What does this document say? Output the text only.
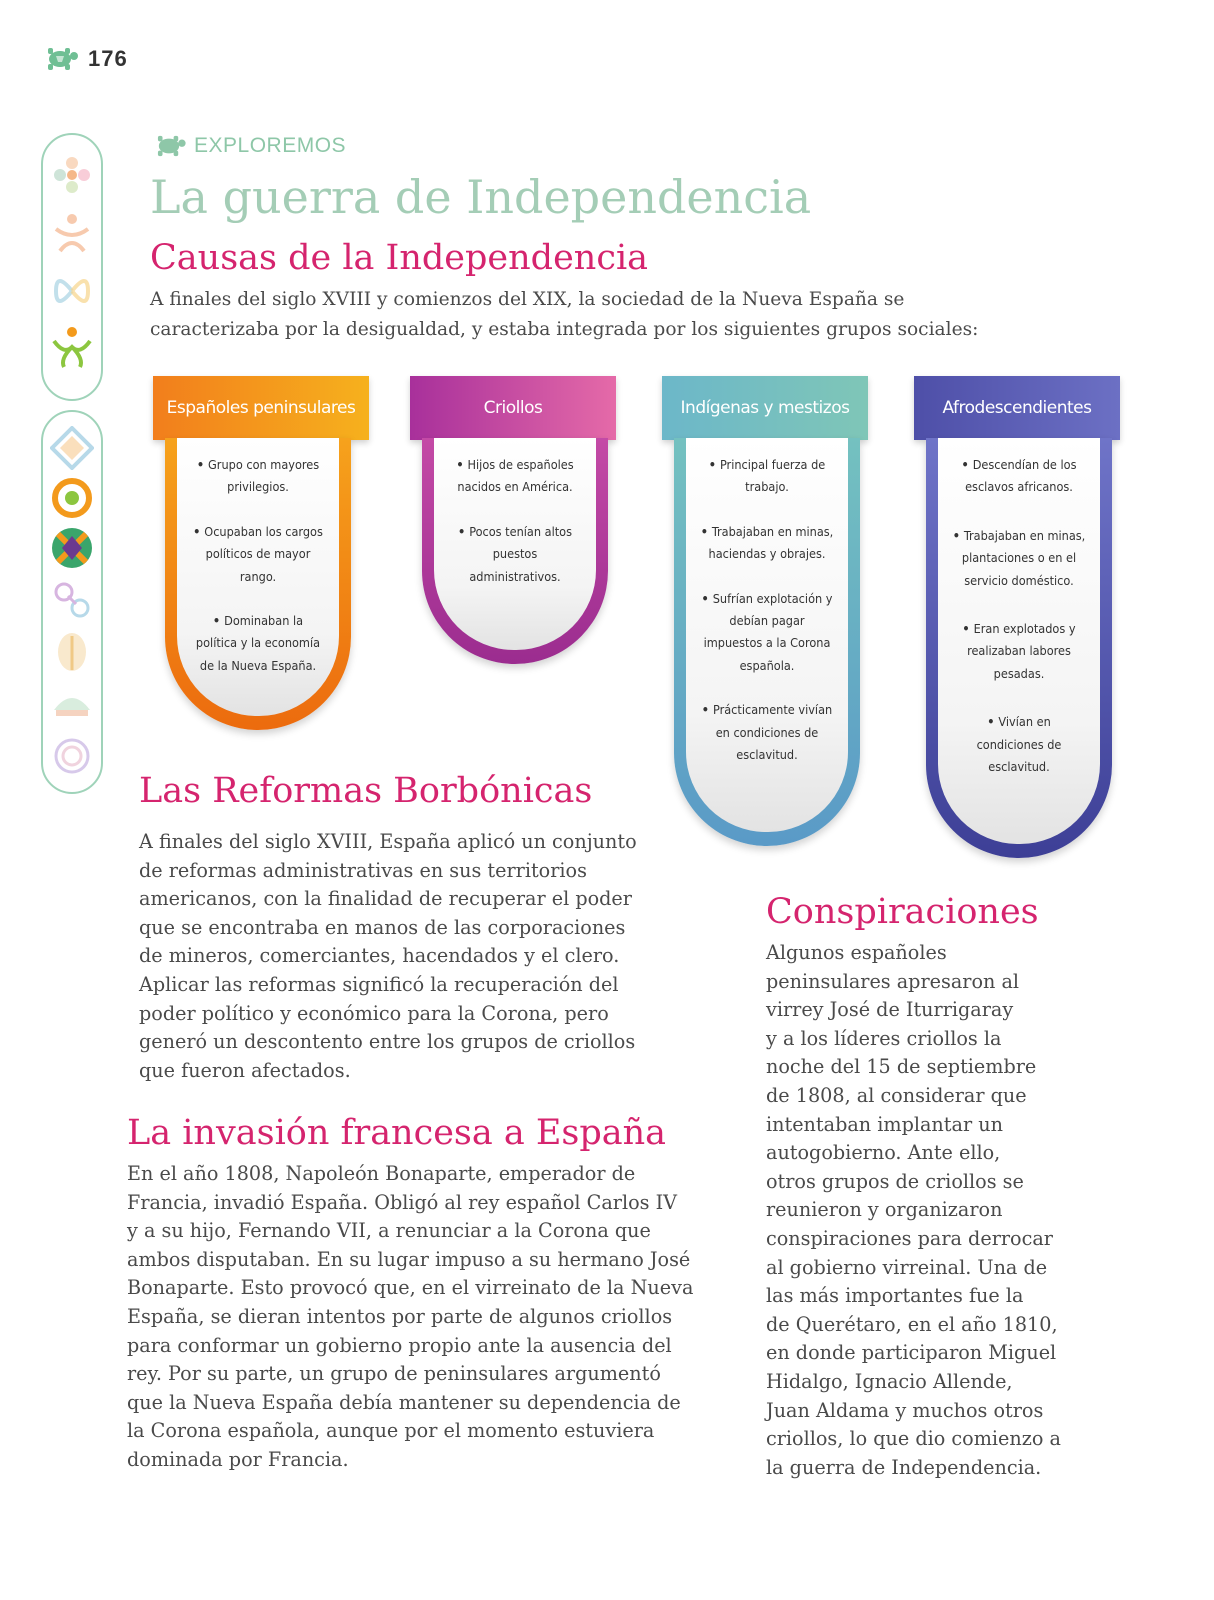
176
EXPLOREMOS
La guerra de Independencia
Causas de la Independencia

A finales del siglo XVIII y comienzos del XIX, la sociedad de la Nueva España se

caracterizaba por la desigualdad, y estaba integrada por los siguientes grupos sociales:

Españoles peninsulares
• Grupo con mayores privilegios.
• Ocupaban los cargos políticos de mayor rango.
• Dominaban la política y la economía de la Nueva España.
Criollos
• Hijos de españoles nacidos en América.
• Pocos tenían altos puestos administrativos.
Indígenas y mestizos
• Principal fuerza de trabajo.
• Trabajaban en minas, haciendas y obrajes.
• Sufrían explotación y debían pagar impuestos a la Corona española.
• Prácticamente vivían en condiciones de esclavitud.
Afrodescendientes
• Descendían de los esclavos africanos.
• Trabajaban en minas, plantaciones o en el servicio doméstico.
• Eran explotados y realizaban labores pesadas.
• Vivían en condiciones de esclavitud.
Las Reformas Borbónicas

A finales del siglo XVIII, España aplicó un conjunto

de reformas administrativas en sus territorios

americanos, con la finalidad de recuperar el poder

que se encontraba en manos de las corporaciones

de mineros, comerciantes, hacendados y el clero.

Aplicar las reformas significó la recuperación del

poder político y económico para la Corona, pero

generó un descontento entre los grupos de criollos

que fueron afectados.

La invasión francesa a España

En el año 1808, Napoleón Bonaparte, emperador de

Francia, invadió España. Obligó al rey español Carlos IV

y a su hijo, Fernando VII, a renunciar a la Corona que

ambos disputaban. En su lugar impuso a su hermano José

Bonaparte. Esto provocó que, en el virreinato de la Nueva

España, se dieran intentos por parte de algunos criollos

para conformar un gobierno propio ante la ausencia del

rey. Por su parte, un grupo de peninsulares argumentó

que la Nueva España debía mantener su dependencia de

la Corona española, aunque por el momento estuviera

dominada por Francia.

Conspiraciones

Algunos españoles

peninsulares apresaron al

virrey José de Iturrigaray

y a los líderes criollos la

noche del 15 de septiembre

de 1808, al considerar que

intentaban implantar un

autogobierno. Ante ello,

otros grupos de criollos se

reunieron y organizaron

conspiraciones para derrocar

al gobierno virreinal. Una de

las más importantes fue la

de Querétaro, en el año 1810,

en donde participaron Miguel

Hidalgo, Ignacio Allende,

Juan Aldama y muchos otros

criollos, lo que dio comienzo a

la guerra de Independencia.
